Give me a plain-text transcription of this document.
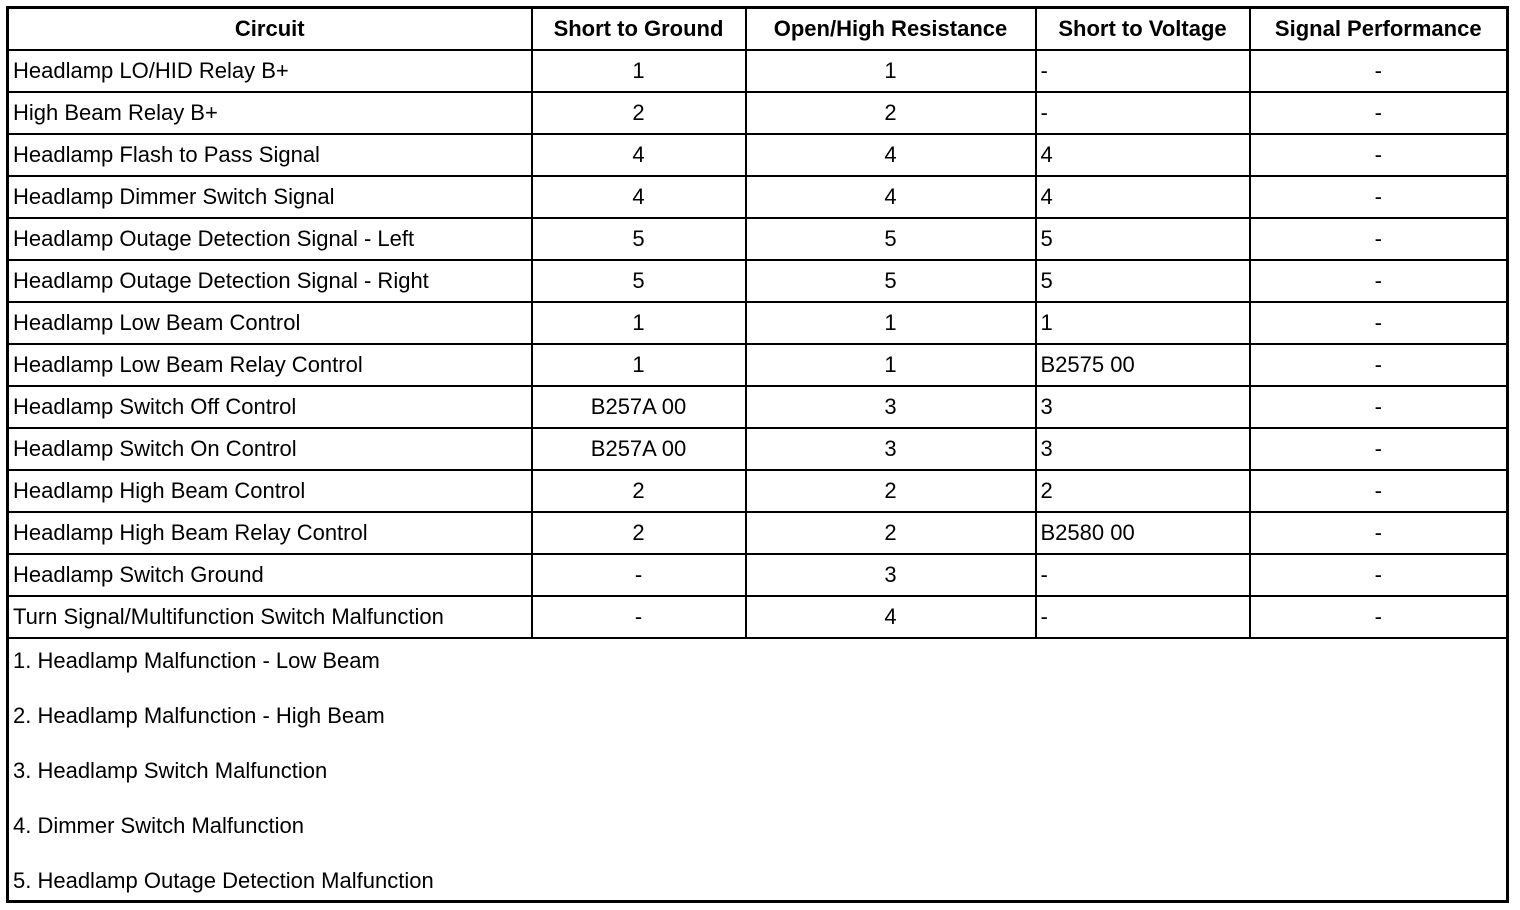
Circuit	Short to Ground	Open/High Resistance	Short to Voltage	Signal Performance
Headlamp LO/HID Relay B+	1	1	-	-
High Beam Relay B+	2	2	-	-
Headlamp Flash to Pass Signal	4	4	4	-
Headlamp Dimmer Switch Signal	4	4	4	-
Headlamp Outage Detection Signal - Left	5	5	5	-
Headlamp Outage Detection Signal - Right	5	5	5	-
Headlamp Low Beam Control	1	1	1	-
Headlamp Low Beam Relay Control	1	1	B2575 00	-
Headlamp Switch Off Control	B257A 00	3	3	-
Headlamp Switch On Control	B257A 00	3	3	-
Headlamp High Beam Control	2	2	2	-
Headlamp High Beam Relay Control	2	2	B2580 00	-
Headlamp Switch Ground	-	3	-	-
Turn Signal/Multifunction Switch Malfunction	-	4	-	-

1. Headlamp Malfunction - Low Beam
2. Headlamp Malfunction - High Beam
3. Headlamp Switch Malfunction
4. Dimmer Switch Malfunction
5. Headlamp Outage Detection Malfunction				
